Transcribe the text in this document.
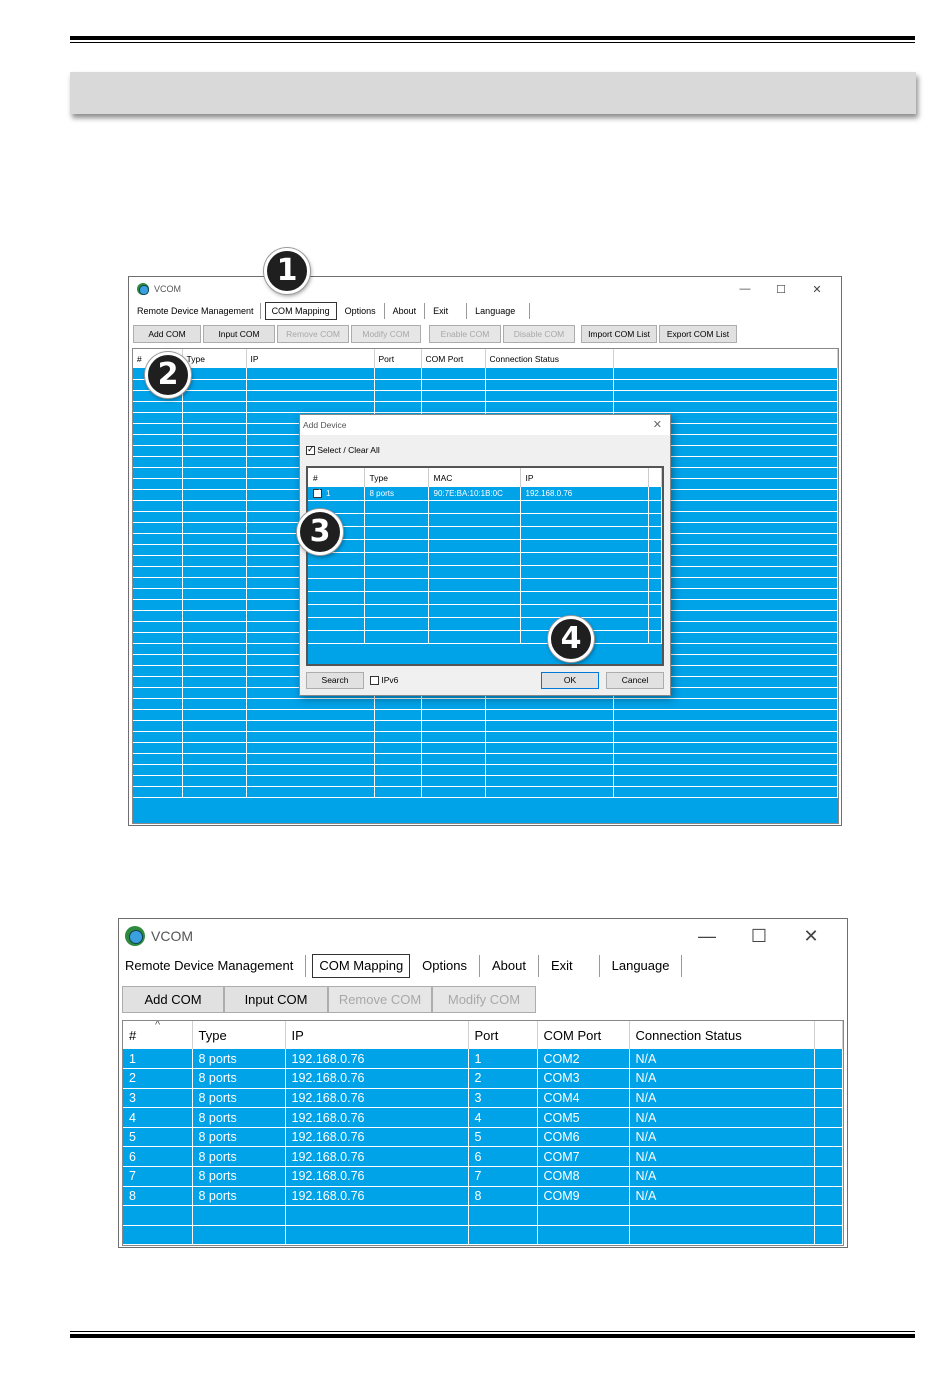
VCOM	—	☐	✕
Remote Device Management	COM Mapping	Options	About	Exit	Language
Add COM	Input COM	Remove COM	Modify COM	Enable COM	Disable COM	Import COM List	Export COM List
#	Type	IP	Port	COM Port	Connection Status	

Add Device	✕
✓ Select / Clear All
#	Type	MAC	IP	
✓1	8 ports	90:7E:BA:10:1B:0C	192.168.0.76	

Search	IPv6	OK	Cancel
1
2
3
4
VCOM	—	☐	✕
Remote Device Management	COM Mapping	Options	About	Exit	Language
Add COM	Input COM	Remove COM	Modify COM
^
#	Type	IP	Port	COM Port	Connection Status	
1	8 ports	192.168.0.76	1	COM2	N/A	
2	8 ports	192.168.0.76	2	COM3	N/A	
3	8 ports	192.168.0.76	3	COM4	N/A	
4	8 ports	192.168.0.76	4	COM5	N/A	
5	8 ports	192.168.0.76	5	COM6	N/A	
6	8 ports	192.168.0.76	6	COM7	N/A	
7	8 ports	192.168.0.76	7	COM8	N/A	
8	8 ports	192.168.0.76	8	COM9	N/A	
